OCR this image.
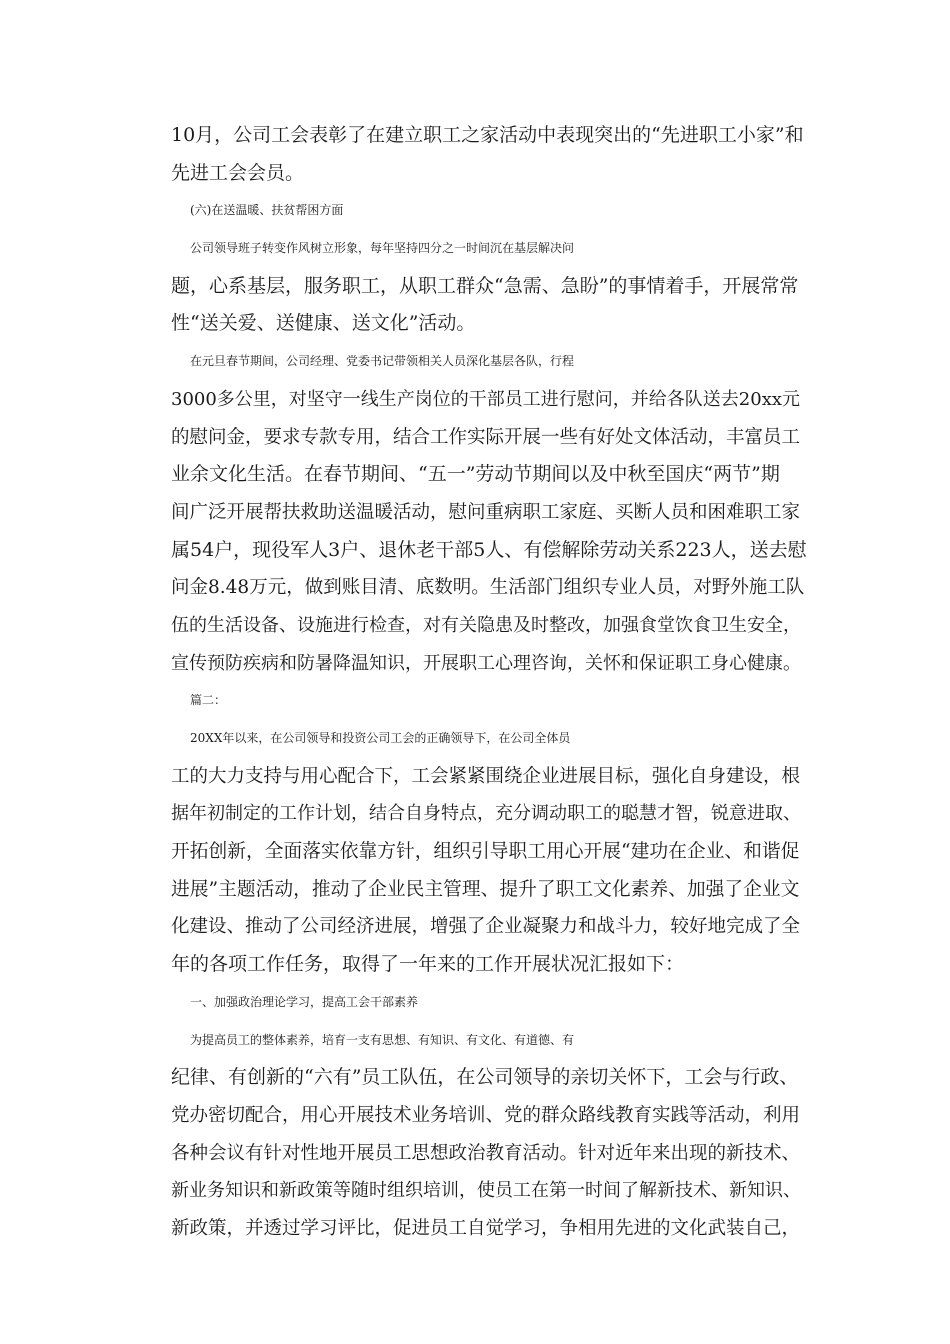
10月，公司工会表彰了在建立职工之家活动中表现突出的“先进职工小家”和
先进工会会员。
(六)在送温暖、扶贫帮困方面
公司领导班子转变作风树立形象，每年坚持四分之一时间沉在基层解决问
题，心系基层，服务职工，从职工群众“急需、急盼”的事情着手，开展常常
性“送关爱、送健康、送文化”活动。
在元旦春节期间，公司经理、党委书记带领相关人员深化基层各队，行程
3000多公里，对坚守一线生产岗位的干部员工进行慰问，并给各队送去20xx元
的慰问金，要求专款专用，结合工作实际开展一些有好处文体活动，丰富员工
业余文化生活。在春节期间、“五一”劳动节期间以及中秋至国庆“两节”期
间广泛开展帮扶救助送温暖活动，慰问重病职工家庭、买断人员和困难职工家
属54户，现役军人3户、退休老干部5人、有偿解除劳动关系223人，送去慰
问金8.48万元，做到账目清、底数明。生活部门组织专业人员，对野外施工队
伍的生活设备、设施进行检查，对有关隐患及时整改，加强食堂饮食卫生安全，
宣传预防疾病和防暑降温知识，开展职工心理咨询，关怀和保证职工身心健康。
篇二：
20XX年以来，在公司领导和投资公司工会的正确领导下，在公司全体员
工的大力支持与用心配合下，工会紧紧围绕企业进展目标，强化自身建设，根
据年初制定的工作计划，结合自身特点，充分调动职工的聪慧才智，锐意进取、
开拓创新，全面落实依靠方针，组织引导职工用心开展“建功在企业、和谐促
进展”主题活动，推动了企业民主管理、提升了职工文化素养、加强了企业文
化建设、推动了公司经济进展，增强了企业凝聚力和战斗力，较好地完成了全
年的各项工作任务，取得了一年来的工作开展状况汇报如下：
一、加强政治理论学习，提高工会干部素养
为提高员工的整体素养，培育一支有思想、有知识、有文化、有道德、有
纪律、有创新的“六有”员工队伍，在公司领导的亲切关怀下，工会与行政、
党办密切配合，用心开展技术业务培训、党的群众路线教育实践等活动，利用
各种会议有针对性地开展员工思想政治教育活动。针对近年来出现的新技术、
新业务知识和新政策等随时组织培训，使员工在第一时间了解新技术、新知识、
新政策，并透过学习评比，促进员工自觉学习，争相用先进的文化武装自己，
